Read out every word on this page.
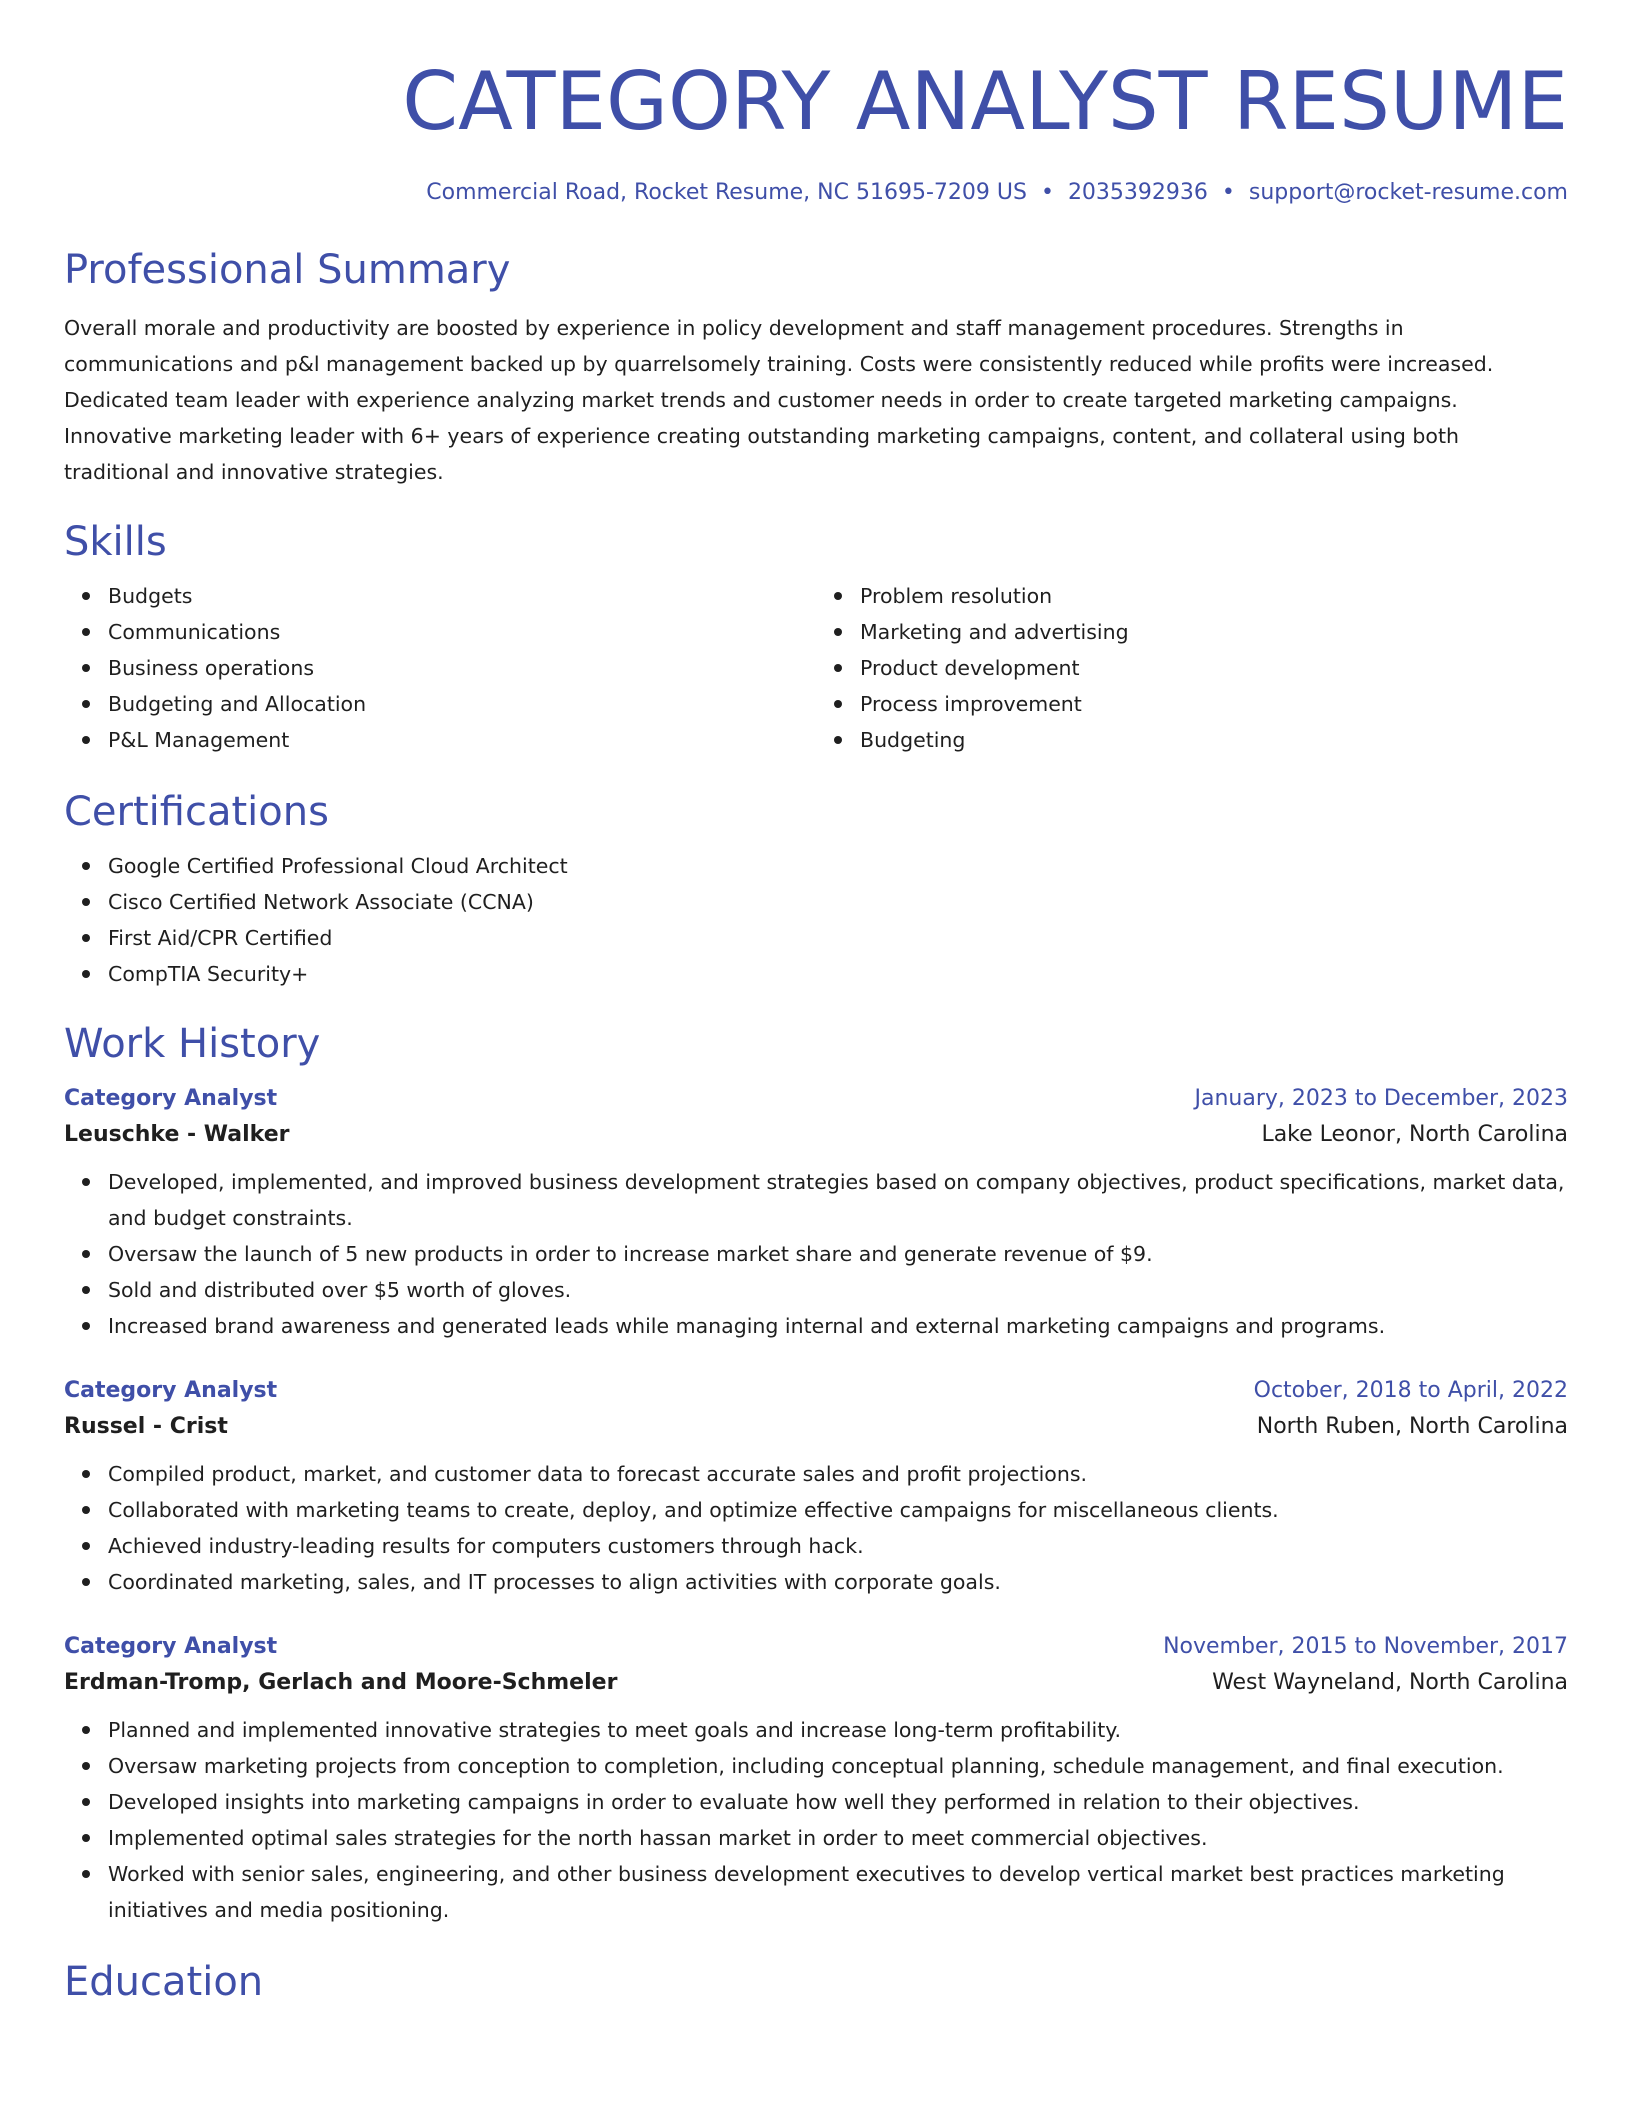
CATEGORY ANALYST RESUME
Commercial Road, Rocket Resume, NC 51695-7209 US • 2035392936 • support@rocket-resume.com
Professional Summary
Overall morale and productivity are boosted by experience in policy development and staff management procedures. Strengths in communications and p&l management backed up by quarrelsomely training. Costs were consistently reduced while profits were increased. Dedicated team leader with experience analyzing market trends and customer needs in order to create targeted marketing campaigns. Innovative marketing leader with 6+ years of experience creating outstanding marketing campaigns, content, and collateral using both traditional and innovative strategies.
Skills
Budgets
Communications
Business operations
Budgeting and Allocation
P&L Management
Problem resolution
Marketing and advertising
Product development
Process improvement
Budgeting
Certifications
Google Certified Professional Cloud Architect
Cisco Certified Network Associate (CCNA)
First Aid/CPR Certified
CompTIA Security+
Work History
Category Analyst	January, 2023 to December, 2023
Leuschke - Walker	Lake Leonor, North Carolina
Developed, implemented, and improved business development strategies based on company objectives, product specifications, market data, and budget constraints.
Oversaw the launch of 5 new products in order to increase market share and generate revenue of $9.
Sold and distributed over $5 worth of gloves.
Increased brand awareness and generated leads while managing internal and external marketing campaigns and programs.
Category Analyst	October, 2018 to April, 2022
Russel - Crist	North Ruben, North Carolina
Compiled product, market, and customer data to forecast accurate sales and profit projections.
Collaborated with marketing teams to create, deploy, and optimize effective campaigns for miscellaneous clients.
Achieved industry-leading results for computers customers through hack.
Coordinated marketing, sales, and IT processes to align activities with corporate goals.
Category Analyst	November, 2015 to November, 2017
Erdman-Tromp, Gerlach and Moore-Schmeler	West Wayneland, North Carolina
Planned and implemented innovative strategies to meet goals and increase long-term profitability.
Oversaw marketing projects from conception to completion, including conceptual planning, schedule management, and final execution.
Developed insights into marketing campaigns in order to evaluate how well they performed in relation to their objectives.
Implemented optimal sales strategies for the north hassan market in order to meet commercial objectives.
Worked with senior sales, engineering, and other business development executives to develop vertical market best practices marketing initiatives and media positioning.
Education
